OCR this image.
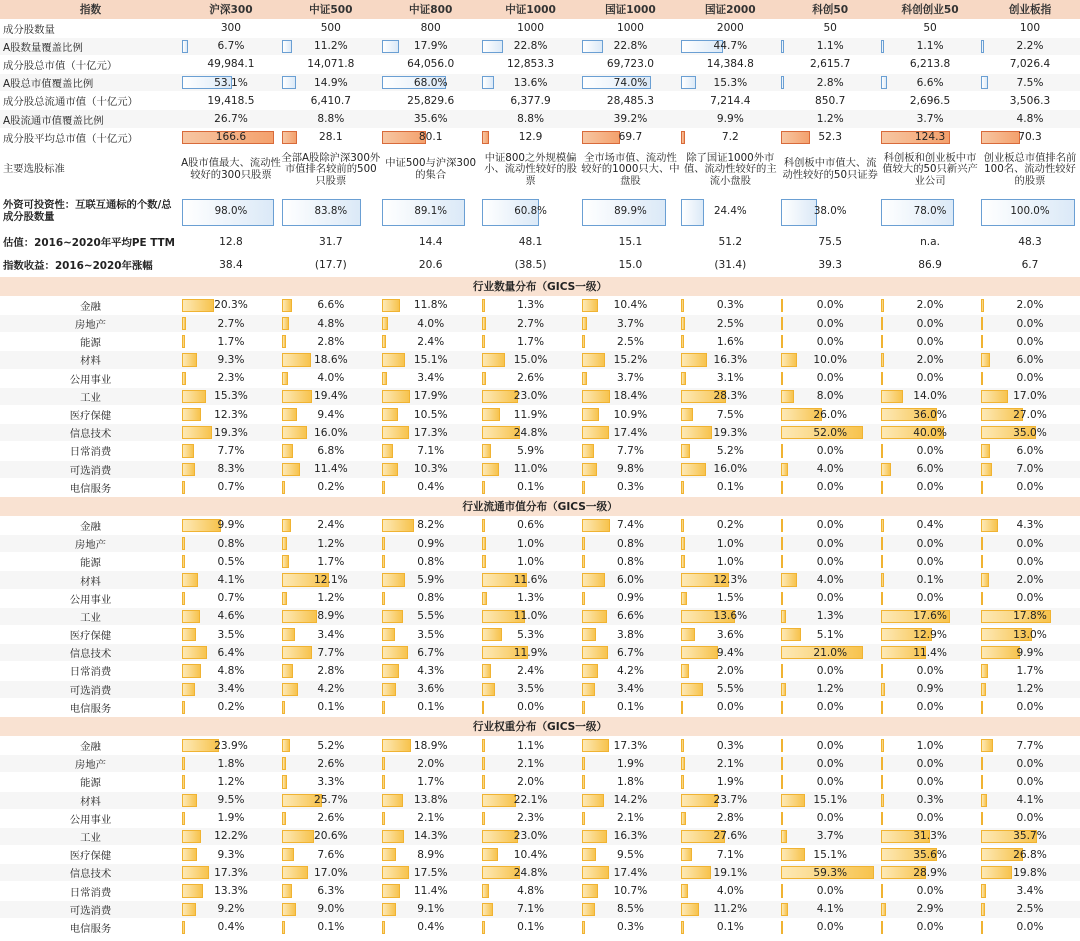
指数	沪深300	中证500	中证800	中证1000	国证1000	国证2000	科创50	科创创业50	创业板指
成分股数量	300	500	800	1000	1000	2000	50	50	100
A股数量覆盖比例	6.7%	11.2%	17.9%	22.8%	22.8%	44.7%	1.1%	1.1%	2.2%
成分股总市值（十亿元）	49,984.1	14,071.8	64,056.0	12,853.3	69,723.0	14,384.8	2,615.7	6,213.8	7,026.4
A股总市值覆盖比例	53.1%	14.9%	68.0%	13.6%	74.0%	15.3%	2.8%	6.6%	7.5%
成分股总流通市值（十亿元）	19,418.5	6,410.7	25,829.6	6,377.9	28,485.3	7,214.4	850.7	2,696.5	3,506.3
A股流通市值覆盖比例	26.7%	8.8%	35.6%	8.8%	39.2%	9.9%	1.2%	3.7%	4.8%
成分股平均总市值（十亿元）	166.6	28.1	80.1	12.9	69.7	7.2	52.3	124.3	70.3
主要选股标准	A股市值最大、流动性较好的300只股票	全部A股除沪深300外市值排名较前的500只股票	中证500与沪深300的集合	中证800之外规模偏小、流动性较好的股票	全市场市值、流动性较好的1000只大、中盘股	除了国证1000外市值、流动性较好的主流小盘股	科创板中市值大、流动性较好的50只证券	科创板和创业板中市值较大的50只新兴产业公司	创业板总市值排名前100名、流动性较好的股票
外资可投资性：互联互通标的个数/总成分股数量	98.0%	83.8%	89.1%	60.8%	89.9%	24.4%	38.0%	78.0%	100.0%
估值：2016~2020年平均PE TTM	12.8	31.7	14.4	48.1	15.1	51.2	75.5	n.a.	48.3
指数收益：2016~2020年涨幅	38.4	(17.7)	20.6	(38.5)	15.0	(31.4)	39.3	86.9	6.7
行业数量分布（GICS一级）									
金融	20.3%	6.6%	11.8%	1.3%	10.4%	0.3%	0.0%	2.0%	2.0%
房地产	2.7%	4.8%	4.0%	2.7%	3.7%	2.5%	0.0%	0.0%	0.0%
能源	1.7%	2.8%	2.4%	1.7%	2.5%	1.6%	0.0%	0.0%	0.0%
材料	9.3%	18.6%	15.1%	15.0%	15.2%	16.3%	10.0%	2.0%	6.0%
公用事业	2.3%	4.0%	3.4%	2.6%	3.7%	3.1%	0.0%	0.0%	0.0%
工业	15.3%	19.4%	17.9%	23.0%	18.4%	28.3%	8.0%	14.0%	17.0%
医疗保健	12.3%	9.4%	10.5%	11.9%	10.9%	7.5%	26.0%	36.0%	27.0%
信息技术	19.3%	16.0%	17.3%	24.8%	17.4%	19.3%	52.0%	40.0%	35.0%
日常消费	7.7%	6.8%	7.1%	5.9%	7.7%	5.2%	0.0%	0.0%	6.0%
可选消费	8.3%	11.4%	10.3%	11.0%	9.8%	16.0%	4.0%	6.0%	7.0%
电信服务	0.7%	0.2%	0.4%	0.1%	0.3%	0.1%	0.0%	0.0%	0.0%
行业流通市值分布（GICS一级）									
金融	9.9%	2.4%	8.2%	0.6%	7.4%	0.2%	0.0%	0.4%	4.3%
房地产	0.8%	1.2%	0.9%	1.0%	0.8%	1.0%	0.0%	0.0%	0.0%
能源	0.5%	1.7%	0.8%	1.0%	0.8%	1.0%	0.0%	0.0%	0.0%
材料	4.1%	12.1%	5.9%	11.6%	6.0%	12.3%	4.0%	0.1%	2.0%
公用事业	0.7%	1.2%	0.8%	1.3%	0.9%	1.5%	0.0%	0.0%	0.0%
工业	4.6%	8.9%	5.5%	11.0%	6.6%	13.6%	1.3%	17.6%	17.8%
医疗保健	3.5%	3.4%	3.5%	5.3%	3.8%	3.6%	5.1%	12.9%	13.0%
信息技术	6.4%	7.7%	6.7%	11.9%	6.7%	9.4%	21.0%	11.4%	9.9%
日常消费	4.8%	2.8%	4.3%	2.4%	4.2%	2.0%	0.0%	0.0%	1.7%
可选消费	3.4%	4.2%	3.6%	3.5%	3.4%	5.5%	1.2%	0.9%	1.2%
电信服务	0.2%	0.1%	0.1%	0.0%	0.1%	0.0%	0.0%	0.0%	0.0%
行业权重分布（GICS一级）									
金融	23.9%	5.2%	18.9%	1.1%	17.3%	0.3%	0.0%	1.0%	7.7%
房地产	1.8%	2.6%	2.0%	2.1%	1.9%	2.1%	0.0%	0.0%	0.0%
能源	1.2%	3.3%	1.7%	2.0%	1.8%	1.9%	0.0%	0.0%	0.0%
材料	9.5%	25.7%	13.8%	22.1%	14.2%	23.7%	15.1%	0.3%	4.1%
公用事业	1.9%	2.6%	2.1%	2.3%	2.1%	2.8%	0.0%	0.0%	0.0%
工业	12.2%	20.6%	14.3%	23.0%	16.3%	27.6%	3.7%	31.3%	35.7%
医疗保健	9.3%	7.6%	8.9%	10.4%	9.5%	7.1%	15.1%	35.6%	26.8%
信息技术	17.3%	17.0%	17.5%	24.8%	17.4%	19.1%	59.3%	28.9%	19.8%
日常消费	13.3%	6.3%	11.4%	4.8%	10.7%	4.0%	0.0%	0.0%	3.4%
可选消费	9.2%	9.0%	9.1%	7.1%	8.5%	11.2%	4.1%	2.9%	2.5%
电信服务	0.4%	0.1%	0.4%	0.1%	0.3%	0.1%	0.0%	0.0%	0.0%
